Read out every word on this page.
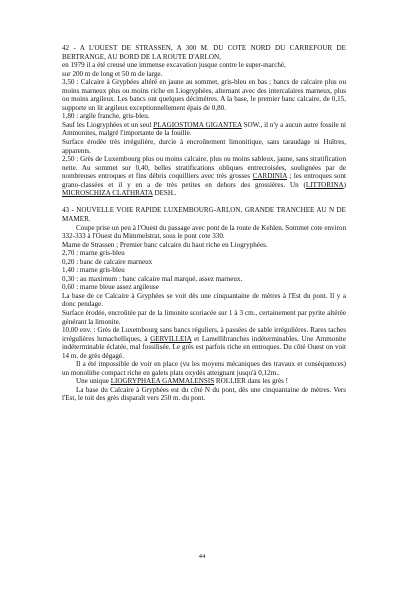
42 - A L'OUEST DE STRASSEN, A 300 M. DU COTE NORD DU CARREFOUR DE BERTRANGE, AU BORD DE LA ROUTE D'ARLON,

en 1979 il a été creusé une immense excavation jusque contre le super-marché,

sur 200 m de long et 50 m de large.

3,50 : Calcaire à Gryphées altéré en jaune au sommet, gris-bleu en bas ; bancs de calcaire plus ou moins marneux plus ou moins riche en Liogryphées, alternant avec des intercalaires marneux, plus ou moins argileux. Les bancs ont quelques décimètres. A la base, le premier banc calcaire, de 0,15, supporte un lit argileux exceptionnellement épais de 0,80.

1,80 : argile franche, gris-bleu.

Sauf les Liogryphées et un seul PLAGIOSTOMA GIGANTEA SOW., il n'y a aucun autre fossile ni Ammonites, malgré l'importante de la fouille.

Surface érodée très irrégulière, durcie à encroûtement limonitique, sans taraudage ni Huîtres, apparents.

2,50 : Grès de Luxembourg plus ou moins calcaire, plus ou moins sableux, jaune, sans stratification nette. Au sommet sur 0,40, belles stratifications obliques entrecroisées, soulignées par de nombreuses entroques et fins débris coquilliers avec très grosses CARDINIA ; les entroques sont grano-classées et il y en a de très petites en dehors des grossières. Un (LITTORINA) MICROSCHIZA CLATHRATA DESH..

43 - NOUVELLE VOIE RAPIDE LUXEMBOURG-ARLON, GRANDE TRANCHEE AU N DE MAMER.

Coupe prise un peu à l'Ouest du passage avec pont de la route de Kehlen. Sommet cote environ 332-333 à l'Ouest du Mimmelstrat, sous le pont cote 330.

Marne de Strassen ; Premier banc calcaire du haut riche en Liogryphées.

2,70 : marne gris-bleu

0,20 : banc de calcaire marneux

1,40 : marne gris-bleu

0,30 : au maximum : banc calcaire mal marqué, assez marneux.

0,60 : marne bleue assez argileuse

La base de ce Calcaire à Gryphées se voit dès une cinquantaine de mètres à l'Est du pont. Il y a donc pendage.

Surface érodée, encroûtée par de la limonite scoriacée sur 1 à 3 cm., certainement par pyrite altérée générant la limonite.

10,00 env. : Grès de Luxembourg sans bancs réguliers, à passées de sable irrégulières. Rares taches irrégulières lumachelliques, à GERVILLEIA et Lamellibranches indéterminables. Une Ammonite indéterminable éclatée, mal fossilisée. Le grès est parfois riche en entroques. Du côté Ouest on voit 14 m. de grès dégagé.

Il a été impossible de voir en place (vu les moyens mécaniques des travaux et conséquences) un monolithe compact riche en galets plats oxydés atteignant jusqu'à 0,12m..

Une unique LIOGRYPHAEA GAMMALENSIS ROLLIER dans les grès !

La base du Calcaire à Gryphées est du côté N du pont, dès une cinquantaine de mètres. Vers l'Est, le toit des grès disparaît vers 250 m. du pont.

44
